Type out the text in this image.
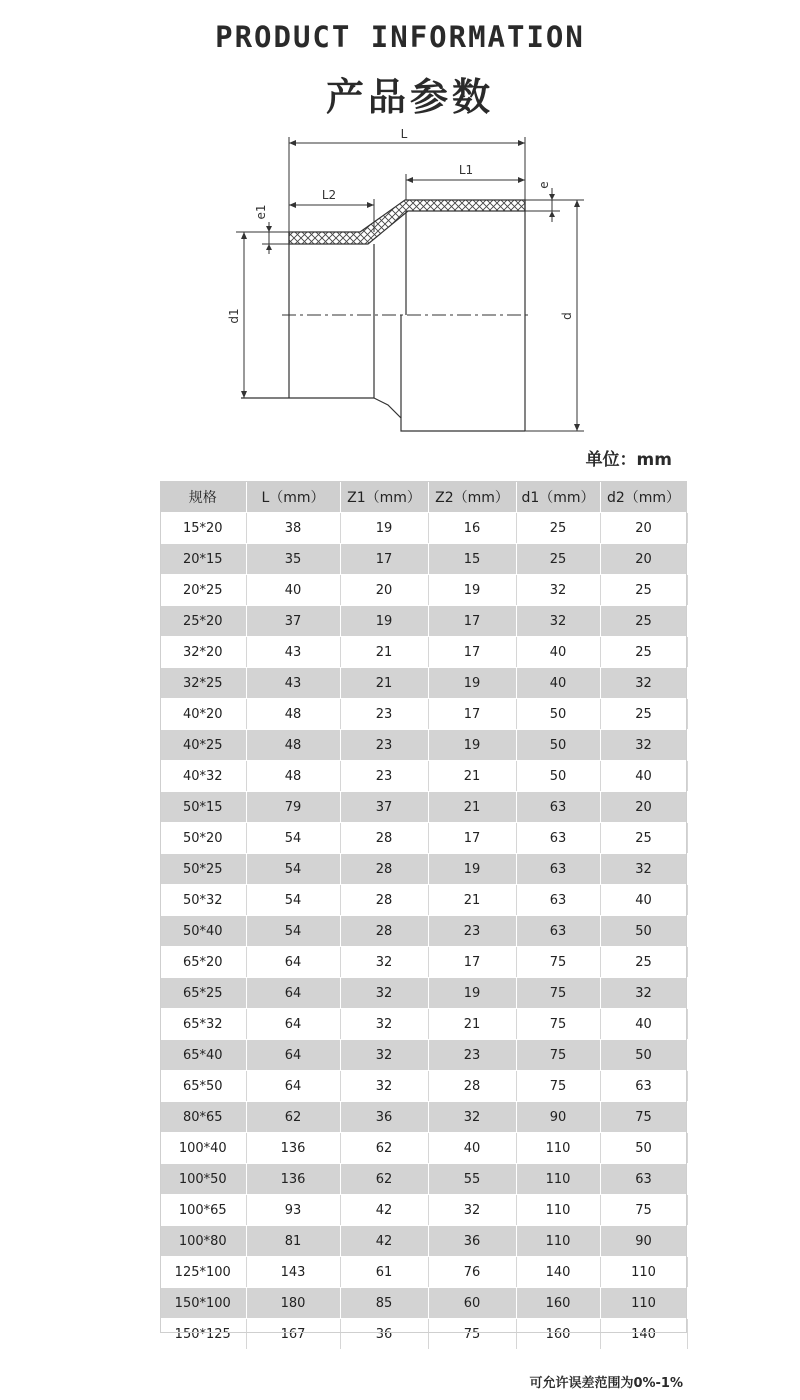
PRODUCT INFORMATION
产品参数
L
L1
L2
e
e1
d1	d
单位：mm
规格	L（mm）	Z1（mm）	Z2（mm）	d1（mm）	d2（mm）
15*20	38	19	16	25	20
20*15	35	17	15	25	20
20*25	40	20	19	32	25
25*20	37	19	17	32	25
32*20	43	21	17	40	25
32*25	43	21	19	40	32
40*20	48	23	17	50	25
40*25	48	23	19	50	32
40*32	48	23	21	50	40
50*15	79	37	21	63	20
50*20	54	28	17	63	25
50*25	54	28	19	63	32
50*32	54	28	21	63	40
50*40	54	28	23	63	50
65*20	64	32	17	75	25
65*25	64	32	19	75	32
65*32	64	32	21	75	40
65*40	64	32	23	75	50
65*50	64	32	28	75	63
80*65	62	36	32	90	75
100*40	136	62	40	110	50
100*50	136	62	55	110	63
100*65	93	42	32	110	75
100*80	81	42	36	110	90
125*100	143	61	76	140	110
150*100	180	85	60	160	110
150*125	167	36	75	160	140
可允许误差范围为0%-1%
